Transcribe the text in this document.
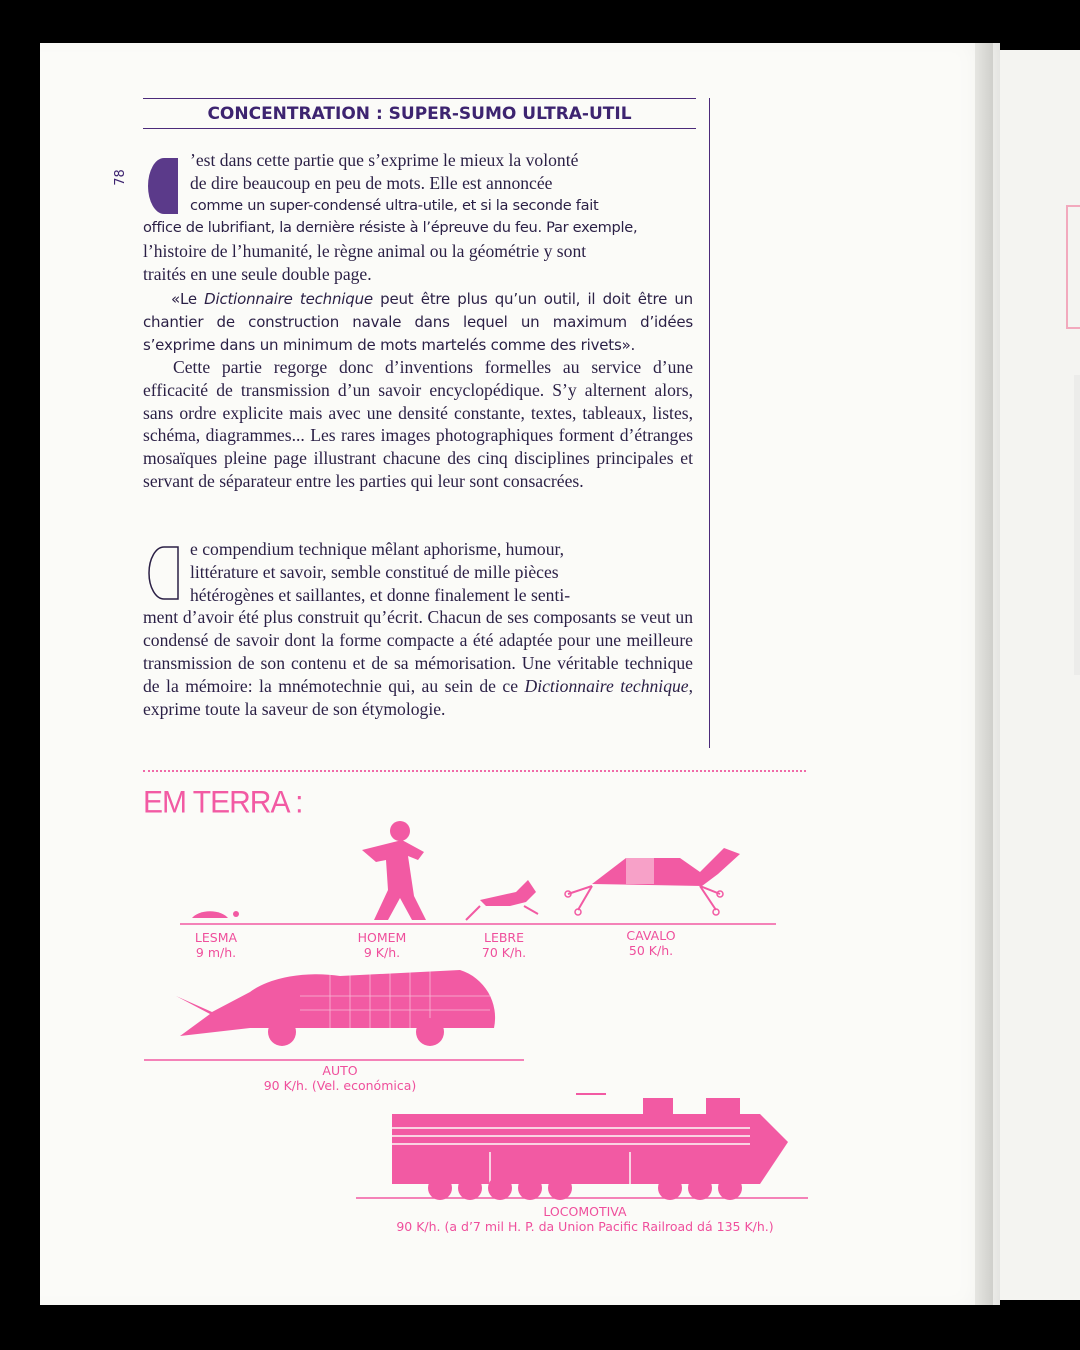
CONCENTRATION : SUPER-SUMO ULTRA-UTIL
78
’est dans cette partie que s’exprime le mieux la volonté
de dire beaucoup en peu de mots. Elle est annoncée
comme un super-condensé ultra-utile, et si la seconde fait
office de lubrifiant, la dernière résiste à l’épreuve du feu. Par exemple,
l’histoire de l’humanité, le règne animal ou la géométrie y sont
traités en une seule double page.
«Le Dictionnaire technique peut être plus qu’un outil, il doit être un chantier de construction navale dans lequel un maximum d’idées s’exprime dans un minimum de mots martelés comme des rivets».
Cette partie regorge donc d’inventions formelles au service d’une efficacité de transmission d’un savoir encyclopédique. S’y alternent alors, sans ordre explicite mais avec une densité constante, textes, tableaux, listes, schéma, diagrammes... Les rares images photographiques forment d’étranges mosaïques pleine page illustrant chacune des cinq disciplines principales et servant de séparateur entre les parties qui leur sont consacrées.
e compendium technique mêlant aphorisme, humour,
littérature et savoir, semble constitué de mille pièces
hétérogènes et saillantes, et donne finalement le senti-
ment d’avoir été plus construit qu’écrit. Chacun de ses composants se veut un condensé de savoir dont la forme compacte a été adaptée pour une meilleure transmission de son contenu et de sa mémorisation. Une véritable technique de la mémoire: la mnémotechnie qui, au sein de ce Dictionnaire technique, exprime toute la saveur de son étymologie.
EM TERRA :
LESMA
9 m/h.
HOMEM
9 K/h.
LEBRE
70 K/h.
CAVALO
50 K/h.
AUTO
90 K/h. (Vel. económica)
LOCOMOTIVA
90 K/h. (a d’7 mil H. P. da Union Pacific Railroad dá 135 K/h.)
